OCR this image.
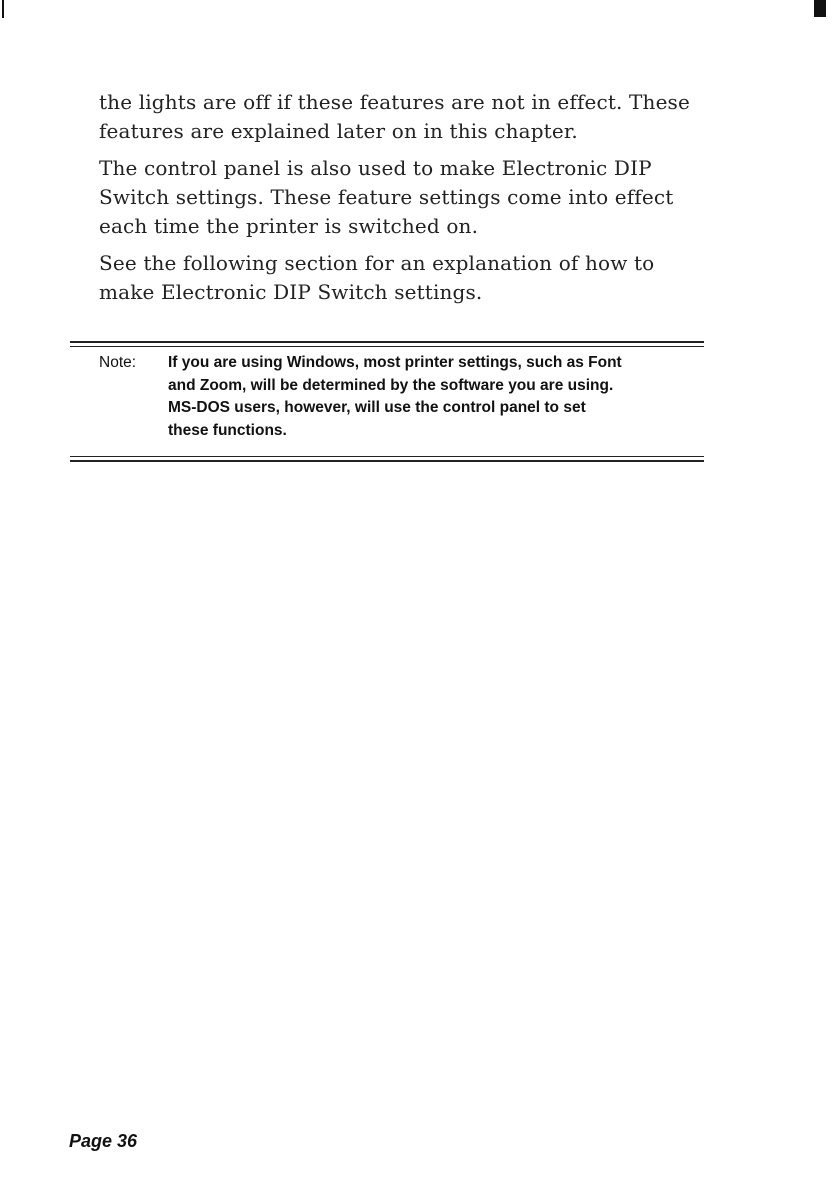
the lights are off if these features are not in effect. These
features are explained later on in this chapter.

The control panel is also used to make Electronic DIP
Switch settings. These feature settings come into effect
each time the printer is switched on.

See the following section for an explanation of how to
make Electronic DIP Switch settings.

Note: If you are using Windows, most printer settings, such as Font
and Zoom, will be determined by the software you are using.
MS-DOS users, however, will use the control panel to set
these functions.
Page 36
